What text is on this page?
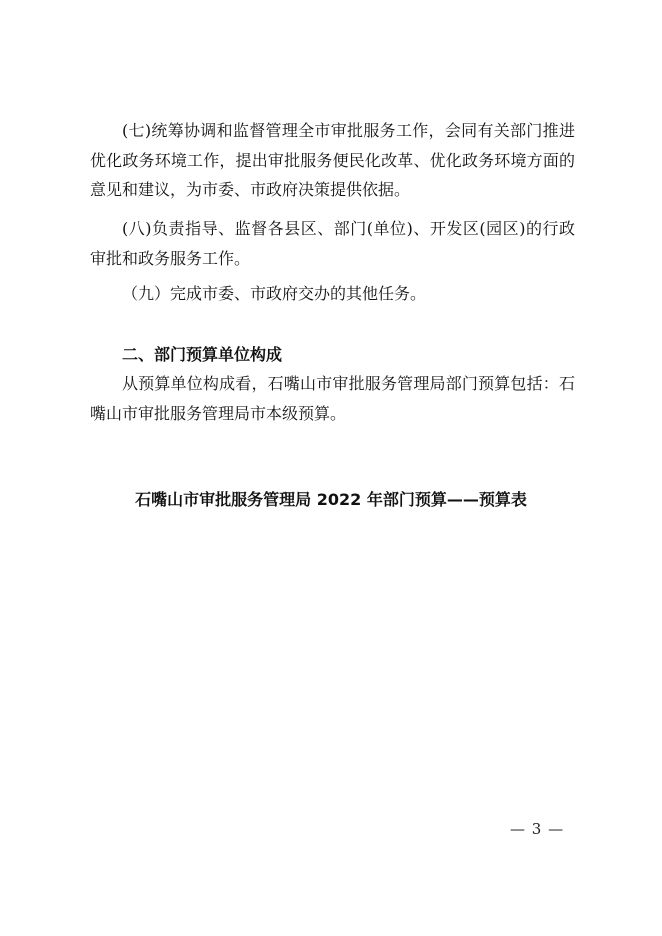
(七)统筹协调和监督管理全市审批服务工作，会同有关部门推进优化政务环境工作，提出审批服务便民化改革、优化政务环境方面的意见和建议，为市委、市政府决策提供依据。

(八)负责指导、监督各县区、部门(单位)、开发区(园区)的行政审批和政务服务工作。

（九）完成市委、市政府交办的其他任务。

二、部门预算单位构成

从预算单位构成看，石嘴山市审批服务管理局部门预算包括：石嘴山市审批服务管理局市本级预算。

石嘴山市审批服务管理局 2022 年部门预算——预算表
— 3 —
